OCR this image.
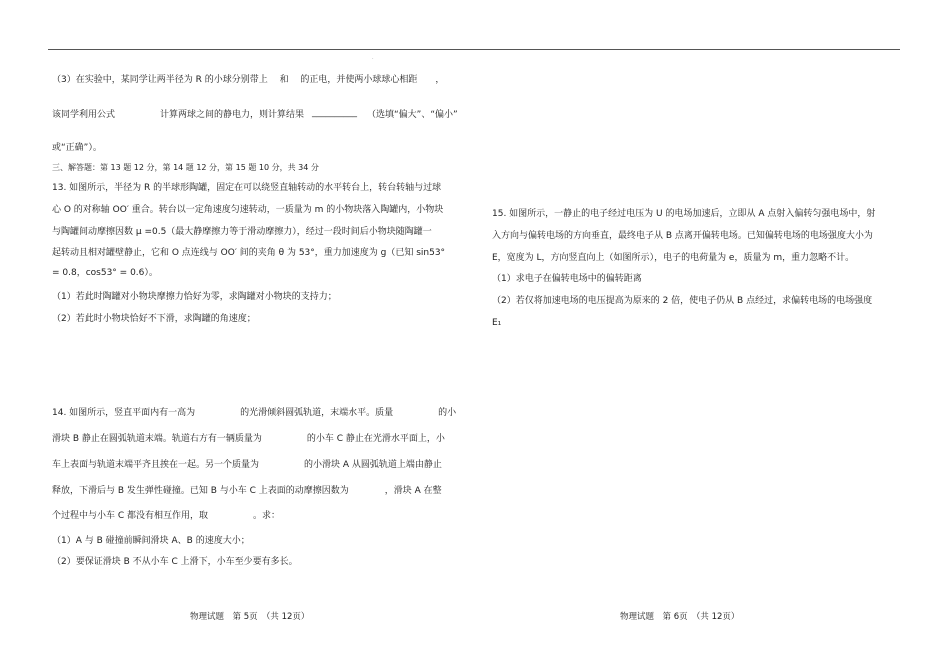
·
（3）在实验中，某同学让两半径为 R 的小球分别带上　 和　 的正电，并使两小球球心相距　　，
该同学利用公式	计算两球之间的静电力，则计算结果 __________ （选填“偏大”、“偏小”
或“正确”）。
三、解答题：第 13 题 12 分，第 14 题 12 分，第 15 题 10 分，共 34 分
13. 如图所示，半径为 R 的半球形陶罐，固定在可以绕竖直轴转动的水平转台上，转台转轴与过球
心 O 的对称轴 OO′ 重合。转台以一定角速度匀速转动，一质量为 m 的小物块落入陶罐内，小物块
与陶罐间动摩擦因数 μ =0.5（最大静摩擦力等于滑动摩擦力），经过一段时间后小物块随陶罐一
起转动且相对罐壁静止，它和 O 点连线与 OO′ 间的夹角 θ 为 53°，重力加速度为 g（已知 sin53°
= 0.8，cos53° = 0.6）。
（1）若此时陶罐对小物块摩擦力恰好为零，求陶罐对小物块的支持力；
（2）若此时小物块恰好不下滑，求陶罐的角速度；
14. 如图所示，竖直平面内有一高为　　　　　的光滑倾斜圆弧轨道，末端水平。质量　　　　　的小
滑块 B 静止在圆弧轨道末端。轨道右方有一辆质量为　　　　　的小车 C 静止在光滑水平面上，小
车上表面与轨道末端平齐且挨在一起。另一个质量为　　　　　的小滑块 A 从圆弧轨道上端由静止
释放，下滑后与 B 发生弹性碰撞。已知 B 与小车 C 上表面的动摩擦因数为　　　　，滑块 A 在整
个过程中与小车 C 都没有相互作用，取　　　　　。求：
（1）A 与 B 碰撞前瞬间滑块 A、B 的速度大小；
（2）要保证滑块 B 不从小车 C 上滑下，小车至少要有多长。
物理试题　第 5页　（共 12页）
15. 如图所示，一静止的电子经过电压为 U 的电场加速后，立即从 A 点射入偏转匀强电场中，射
入方向与偏转电场的方向垂直，最终电子从 B 点离开偏转电场。已知偏转电场的电场强度大小为
E，宽度为 L，方向竖直向上（如图所示），电子的电荷量为 e，质量为 m，重力忽略不计。
（1）求电子在偏转电场中的偏转距离
（2）若仅将加速电场的电压提高为原来的 2 倍，使电子仍从 B 点经过，求偏转电场的电场强度
E₁
物理试题　第 6页　（共 12页）
